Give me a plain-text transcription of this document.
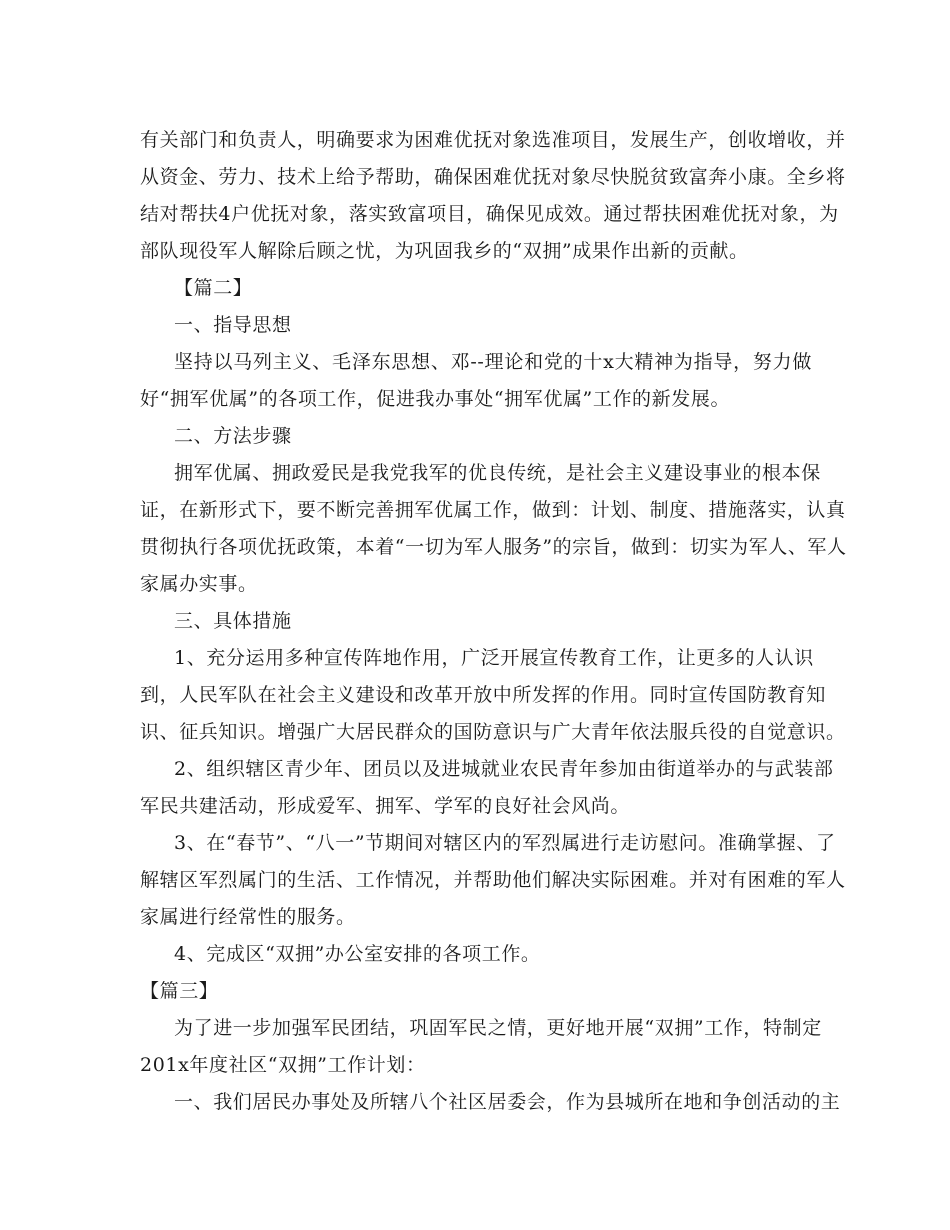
有关部门和负责人，明确要求为困难优抚对象选准项目，发展生产，创收增收，并
从资金、劳力、技术上给予帮助，确保困难优抚对象尽快脱贫致富奔小康。全乡将
结对帮扶4户优抚对象，落实致富项目，确保见成效。通过帮扶困难优抚对象，为
部队现役军人解除后顾之忧，为巩固我乡的“双拥”成果作出新的贡献。
【篇二】
一、指导思想
坚持以马列主义、毛泽东思想、邓--理论和党的十x大精神为指导，努力做
好“拥军优属”的各项工作，促进我办事处“拥军优属”工作的新发展。
二、方法步骤
拥军优属、拥政爱民是我党我军的优良传统，是社会主义建设事业的根本保
证，在新形式下，要不断完善拥军优属工作，做到：计划、制度、措施落实，认真
贯彻执行各项优抚政策，本着“一切为军人服务”的宗旨，做到：切实为军人、军人
家属办实事。
三、具体措施
1、充分运用多种宣传阵地作用，广泛开展宣传教育工作，让更多的人认识
到，人民军队在社会主义建设和改革开放中所发挥的作用。同时宣传国防教育知
识、征兵知识。增强广大居民群众的国防意识与广大青年依法服兵役的自觉意识。
2、组织辖区青少年、团员以及进城就业农民青年参加由街道举办的与武装部
军民共建活动，形成爱军、拥军、学军的良好社会风尚。
3、在“春节”、“八一”节期间对辖区内的军烈属进行走访慰问。准确掌握、了
解辖区军烈属门的生活、工作情况，并帮助他们解决实际困难。并对有困难的军人
家属进行经常性的服务。
4、完成区“双拥”办公室安排的各项工作。
【篇三】
为了进一步加强军民团结，巩固军民之情，更好地开展“双拥”工作，特制定
201x年度社区“双拥”工作计划：
一、我们居民办事处及所辖八个社区居委会，作为县城所在地和争创活动的主
